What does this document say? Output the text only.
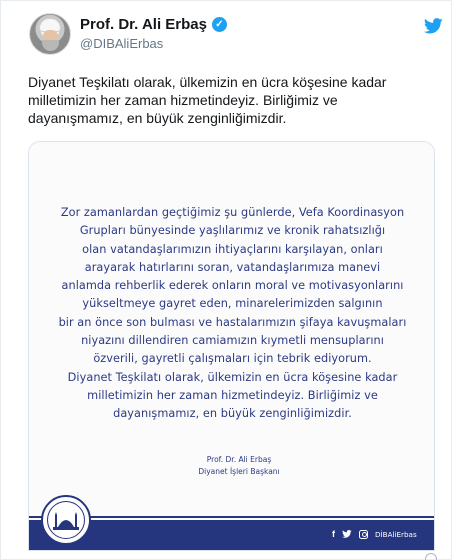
Prof. Dr. Ali Erbaş ✓
@DIBAliErbas
Diyanet Teşkilatı olarak, ülkemizin en ücra köşesine kadar milletimizin her zaman hizmetindeyiz. Birliğimiz ve dayanışmamız, en büyük zenginliğimizdir.
Zor zamanlardan geçtiğimiz şu günlerde, Vefa Koordinasyon
Grupları bünyesinde yaşlılarımız ve kronik rahatsızlığı
olan vatandaşlarımızın ihtiyaçlarını karşılayan, onları
arayarak hatırlarını soran, vatandaşlarımıza manevi
anlamda rehberlik ederek onların moral ve motivasyonlarını
yükseltmeye gayret eden, minarelerimizden salgının
bir an önce son bulması ve hastalarımızın şifaya kavuşmaları
niyazını dillendiren camiamızın kıymetli mensuplarını
özverili, gayretli çalışmaları için tebrik ediyorum.
Diyanet Teşkilatı olarak, ülkemizin en ücra köşesine kadar
milletimizin her zaman hizmetindeyiz. Birliğimiz ve
dayanışmamız, en büyük zenginliğimizdir.
Prof. Dr. Ali Erbaş
Diyanet İşleri Başkanı
f	DİBAliErbas
